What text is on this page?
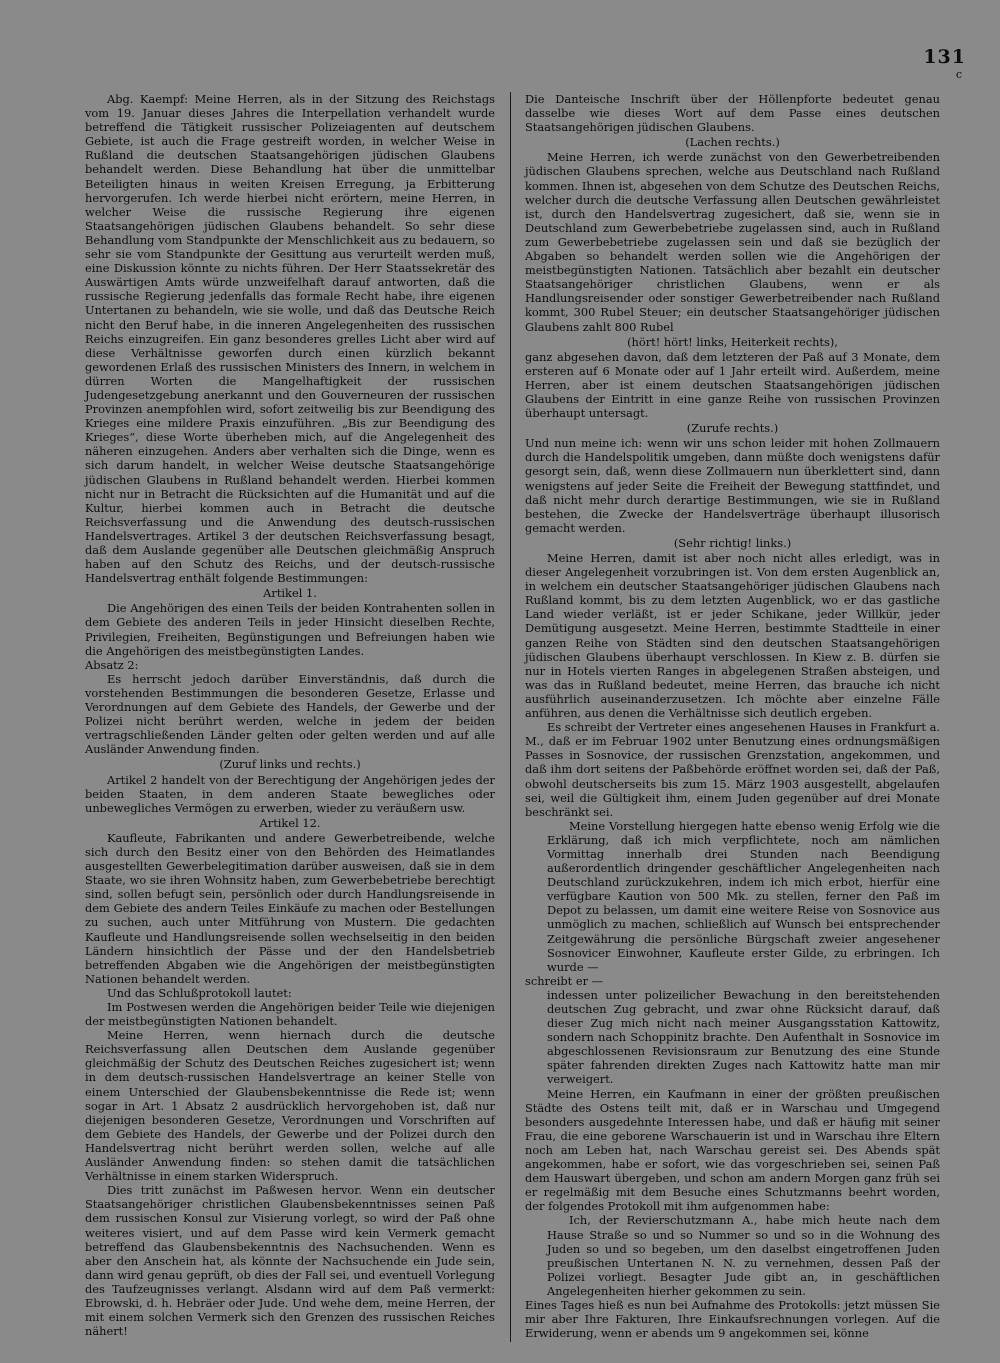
131
c

Abg. Kaempf: Meine Herren, als in der Sitzung des Reichstags vom 19. Januar dieses Jahres die Interpellation verhandelt wurde betreffend die Tätigkeit russischer Polizeiagenten auf deutschem Gebiete, ist auch die Frage gestreift worden, in welcher Weise in Rußland die deutschen Staatsangehörigen jüdischen Glaubens behandelt werden. Diese Behandlung hat über die unmittelbar Beteiligten hinaus in weiten Kreisen Erregung, ja Erbitterung hervorgerufen. Ich werde hierbei nicht erörtern, meine Herren, in welcher Weise die russische Regierung ihre eigenen Staatsangehörigen jüdischen Glaubens behandelt. So sehr diese Behandlung vom Standpunkte der Menschlichkeit aus zu bedauern, so sehr sie vom Standpunkte der Gesittung aus verurteilt werden muß, eine Diskussion könnte zu nichts führen. Der Herr Staatssekretär des Auswärtigen Amts würde unzweifelhaft darauf antworten, daß die russische Regierung jedenfalls das formale Recht habe, ihre eigenen Untertanen zu behandeln, wie sie wolle, und daß das Deutsche Reich nicht den Beruf habe, in die inneren Angelegenheiten des russischen Reichs einzugreifen. Ein ganz besonderes grelles Licht aber wird auf diese Verhältnisse geworfen durch einen kürzlich bekannt gewordenen Erlaß des russischen Ministers des Innern, in welchem in dürren Worten die Mangelhaftigkeit der russischen Judengesetzgebung anerkannt und den Gouverneuren der russischen Provinzen anempfohlen wird, sofort zeitweilig bis zur Beendigung des Krieges eine mildere Praxis einzuführen. „Bis zur Beendigung des Krieges“, diese Worte überheben mich, auf die Angelegenheit des näheren einzugehen. Anders aber verhalten sich die Dinge, wenn es sich darum handelt, in welcher Weise deutsche Staatsangehörige jüdischen Glaubens in Rußland behandelt werden. Hierbei kommen nicht nur in Betracht die Rücksichten auf die Humanität und auf die Kultur, hierbei kommen auch in Betracht die deutsche Reichsverfassung und die Anwendung des deutsch-russischen Handelsvertrages. Artikel 3 der deutschen Reichsverfassung besagt, daß dem Auslande gegenüber alle Deutschen gleichmäßig Anspruch haben auf den Schutz des Reichs, und der deutsch-russische Handelsvertrag enthält folgende Bestimmungen:

Artikel 1.

Die Angehörigen des einen Teils der beiden Kontrahenten sollen in dem Gebiete des anderen Teils in jeder Hinsicht dieselben Rechte, Privilegien, Freiheiten, Begünstigungen und Befreiungen haben wie die Angehörigen des meistbegünstigten Landes.

Absatz 2:

Es herrscht jedoch darüber Einverständnis, daß durch die vorstehenden Bestimmungen die besonderen Gesetze, Erlasse und Verordnungen auf dem Gebiete des Handels, der Gewerbe und der Polizei nicht berührt werden, welche in jedem der beiden vertragschließenden Länder gelten oder gelten werden und auf alle Ausländer Anwendung finden.

(Zuruf links und rechts.)

Artikel 2 handelt von der Berechtigung der Angehörigen jedes der beiden Staaten, in dem anderen Staate bewegliches oder unbewegliches Vermögen zu erwerben, wieder zu veräußern usw.

Artikel 12.

Kaufleute, Fabrikanten und andere Gewerbetreibende, welche sich durch den Besitz einer von den Behörden des Heimatlandes ausgestellten Gewerbelegitimation darüber ausweisen, daß sie in dem Staate, wo sie ihren Wohnsitz haben, zum Gewerbebetriebe berechtigt sind, sollen befugt sein, persönlich oder durch Handlungsreisende in dem Gebiete des andern Teiles Einkäufe zu machen oder Bestellungen zu suchen, auch unter Mitführung von Mustern. Die gedachten Kaufleute und Handlungsreisende sollen wechselseitig in den beiden Ländern hinsichtlich der Pässe und der den Handelsbetrieb betreffenden Abgaben wie die Angehörigen der meistbegünstigten Nationen behandelt werden.

Und das Schlußprotokoll lautet:

Im Postwesen werden die Angehörigen beider Teile wie diejenigen der meistbegünstigten Nationen behandelt.

Meine Herren, wenn hiernach durch die deutsche Reichsverfassung allen Deutschen dem Auslande gegenüber gleichmäßig der Schutz des Deutschen Reiches zugesichert ist; wenn in dem deutsch-russischen Handelsvertrage an keiner Stelle von einem Unterschied der Glaubensbekenntnisse die Rede ist; wenn sogar in Art. 1 Absatz 2 ausdrücklich hervorgehoben ist, daß nur diejenigen besonderen Gesetze, Verordnungen und Vorschriften auf dem Gebiete des Handels, der Gewerbe und der Polizei durch den Handelsvertrag nicht berührt werden sollen, welche auf alle Ausländer Anwendung finden: so stehen damit die tatsächlichen Verhältnisse in einem starken Widerspruch.

Dies tritt zunächst im Paßwesen hervor. Wenn ein deutscher Staatsangehöriger christlichen Glaubensbekenntnisses seinen Paß dem russischen Konsul zur Visierung vorlegt, so wird der Paß ohne weiteres visiert, und auf dem Passe wird kein Vermerk gemacht betreffend das Glaubensbekenntnis des Nachsuchenden. Wenn es aber den Anschein hat, als könnte der Nachsuchende ein Jude sein, dann wird genau geprüft, ob dies der Fall sei, und eventuell Vorlegung des Taufzeugnisses verlangt. Alsdann wird auf dem Paß vermerkt: Ebrowski, d. h. Hebräer oder Jude. Und wehe dem, meine Herren, der mit einem solchen Vermerk sich den Grenzen des russischen Reiches nähert!

Die Danteische Inschrift über der Höllenpforte bedeutet genau dasselbe wie dieses Wort auf dem Passe eines deutschen Staatsangehörigen jüdischen Glaubens.

(Lachen rechts.)

Meine Herren, ich werde zunächst von den Gewerbetreibenden jüdischen Glaubens sprechen, welche aus Deutschland nach Rußland kommen. Ihnen ist, abgesehen von dem Schutze des Deutschen Reichs, welcher durch die deutsche Verfassung allen Deutschen gewährleistet ist, durch den Handelsvertrag zugesichert, daß sie, wenn sie in Deutschland zum Gewerbebetriebe zugelassen sind, auch in Rußland zum Gewerbebetriebe zugelassen sein und daß sie bezüglich der Abgaben so behandelt werden sollen wie die Angehörigen der meistbegünstigten Nationen. Tatsächlich aber bezahlt ein deutscher Staatsangehöriger christlichen Glaubens, wenn er als Handlungsreisender oder sonstiger Gewerbetreibender nach Rußland kommt, 300 Rubel Steuer; ein deutscher Staatsangehöriger jüdischen Glaubens zahlt 800 Rubel

(hört! hört! links, Heiterkeit rechts),

ganz abgesehen davon, daß dem letzteren der Paß auf 3 Monate, dem ersteren auf 6 Monate oder auf 1 Jahr erteilt wird. Außerdem, meine Herren, aber ist einem deutschen Staatsangehörigen jüdischen Glaubens der Eintritt in eine ganze Reihe von russischen Provinzen überhaupt untersagt.

(Zurufe rechts.)

Und nun meine ich: wenn wir uns schon leider mit hohen Zollmauern durch die Handelspolitik umgeben, dann müßte doch wenigstens dafür gesorgt sein, daß, wenn diese Zollmauern nun überklettert sind, dann wenigstens auf jeder Seite die Freiheit der Bewegung stattfindet, und daß nicht mehr durch derartige Bestimmungen, wie sie in Rußland bestehen, die Zwecke der Handelsverträge überhaupt illusorisch gemacht werden.

(Sehr richtig! links.)

Meine Herren, damit ist aber noch nicht alles erledigt, was in dieser Angelegenheit vorzubringen ist. Von dem ersten Augenblick an, in welchem ein deutscher Staatsangehöriger jüdischen Glaubens nach Rußland kommt, bis zu dem letzten Augenblick, wo er das gastliche Land wieder verläßt, ist er jeder Schikane, jeder Willkür, jeder Demütigung ausgesetzt. Meine Herren, bestimmte Stadtteile in einer ganzen Reihe von Städten sind den deutschen Staatsangehörigen jüdischen Glaubens überhaupt verschlossen. In Kiew z. B. dürfen sie nur in Hotels vierten Ranges in abgelegenen Straßen absteigen, und was das in Rußland bedeutet, meine Herren, das brauche ich nicht ausführlich auseinanderzusetzen. Ich möchte aber einzelne Fälle anführen, aus denen die Verhältnisse sich deutlich ergeben.

Es schreibt der Vertreter eines angesehenen Hauses in Frankfurt a. M., daß er im Februar 1902 unter Benutzung eines ordnungsmäßigen Passes in Sosnovice, der russischen Grenzstation, angekommen, und daß ihm dort seitens der Paßbehörde eröffnet worden sei, daß der Paß, obwohl deutscherseits bis zum 15. März 1903 ausgestellt, abgelaufen sei, weil die Gültigkeit ihm, einem Juden gegenüber auf drei Monate beschränkt sei.

Meine Vorstellung hiergegen hatte ebenso wenig Erfolg wie die Erklärung, daß ich mich verpflichtete, noch am nämlichen Vormittag innerhalb drei Stunden nach Beendigung außerordentlich dringender geschäftlicher Angelegenheiten nach Deutschland zurückzukehren, indem ich mich erbot, hierfür eine verfügbare Kaution von 500 Mk. zu stellen, ferner den Paß im Depot zu belassen, um damit eine weitere Reise von Sosnovice aus unmöglich zu machen, schließlich auf Wunsch bei entsprechender Zeitgewährung die persönliche Bürgschaft zweier angesehener Sosnovicer Einwohner, Kaufleute erster Gilde, zu erbringen. Ich wurde —

schreibt er —

indessen unter polizeilicher Bewachung in den bereitstehenden deutschen Zug gebracht, und zwar ohne Rücksicht darauf, daß dieser Zug mich nicht nach meiner Ausgangsstation Kattowitz, sondern nach Schoppinitz brachte. Den Aufenthalt in Sosnovice im abgeschlossenen Revisionsraum zur Benutzung des eine Stunde später fahrenden direkten Zuges nach Kattowitz hatte man mir verweigert.

Meine Herren, ein Kaufmann in einer der größten preußischen Städte des Ostens teilt mit, daß er in Warschau und Umgegend besonders ausgedehnte Interessen habe, und daß er häufig mit seiner Frau, die eine geborene Warschauerin ist und in Warschau ihre Eltern noch am Leben hat, nach Warschau gereist sei. Des Abends spät angekommen, habe er sofort, wie das vorgeschrieben sei, seinen Paß dem Hauswart übergeben, und schon am andern Morgen ganz früh sei er regelmäßig mit dem Besuche eines Schutzmanns beehrt worden, der folgendes Protokoll mit ihm aufgenommen habe:

Ich, der Revierschutzmann A., habe mich heute nach dem Hause Straße so und so Nummer so und so in die Wohnung des Juden so und so begeben, um den daselbst eingetroffenen Juden preußischen Untertanen N. N. zu vernehmen, dessen Paß der Polizei vorliegt. Besagter Jude gibt an, in geschäftlichen Angelegenheiten hierher gekommen zu sein.

Eines Tages hieß es nun bei Aufnahme des Protokolls: jetzt müssen Sie mir aber Ihre Fakturen, Ihre Einkaufsrechnungen vorlegen. Auf die Erwiderung, wenn er abends um 9 angekommen sei, könne
